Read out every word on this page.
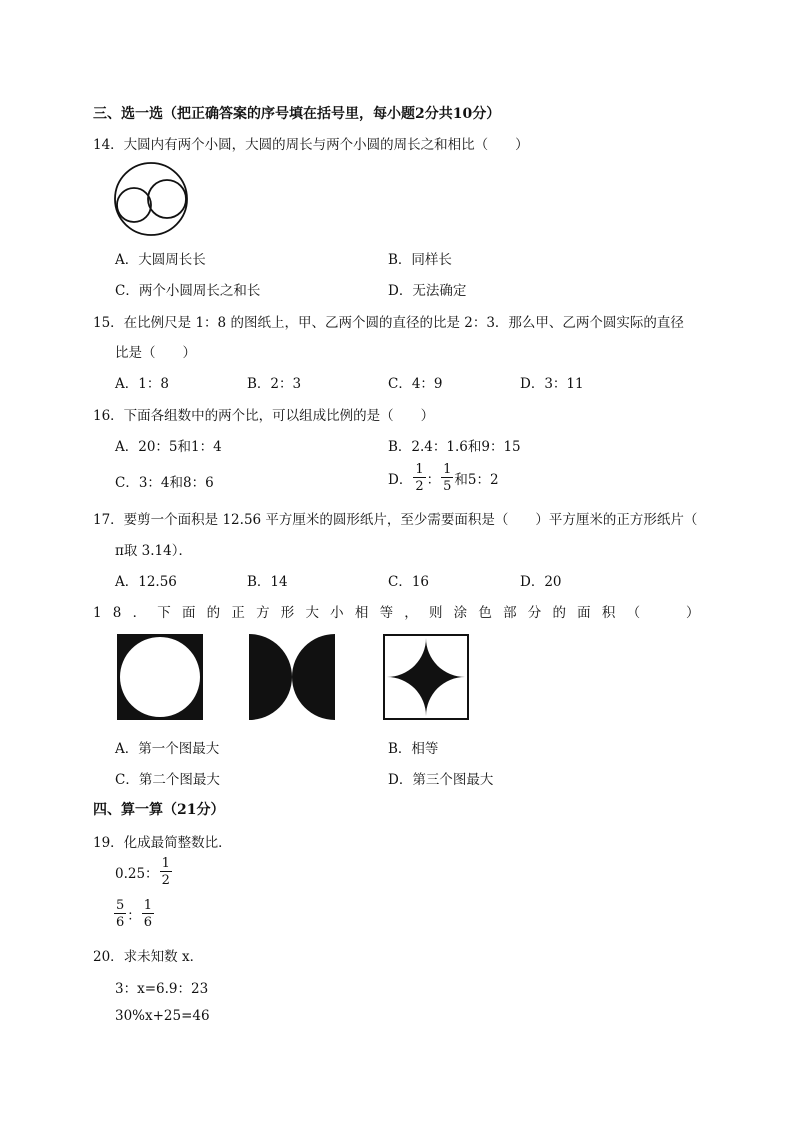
三、选一选（把正确答案的序号填在括号里，每小题2分共10分）
14．大圆内有两个小圆，大圆的周长与两个小圆的周长之和相比（　　）
A．大圆周长长	B．同样长
C．两个小圆周长之和长	D．无法确定
15．在比例尺是 1：8 的图纸上，甲、乙两个圆的直径的比是 2：3．那么甲、乙两个圆实际的直径
比是（　　）
A．1：8	B．2：3	C．4：9	D．3：11
16．下面各组数中的两个比，可以组成比例的是（　　）
A．20：5和1：4	B．2.4：1.6和9：15
C．3：4和8：6	D． $\frac{1}{2}$ ： $\frac{1}{5}$ 和5：2
17．要剪一个面积是 12.56 平方厘米的圆形纸片，至少需要面积是（　　）平方厘米的正方形纸片（
π取 3.14）．
A．12.56	B．14	C．16	D．20
18．下面的正方形大小相等，则涂色部分的面积（	）
A．第一个图最大	B．相等
C．第二个图最大	D．第三个图最大
四、算一算（21分）
19．化成最简整数比．
0.25： $\frac{1}{2}$
$\frac{5}{6}$ ： $\frac{1}{6}$
20．求未知数 x．
3：x=6.9：23
30%x+25=46
